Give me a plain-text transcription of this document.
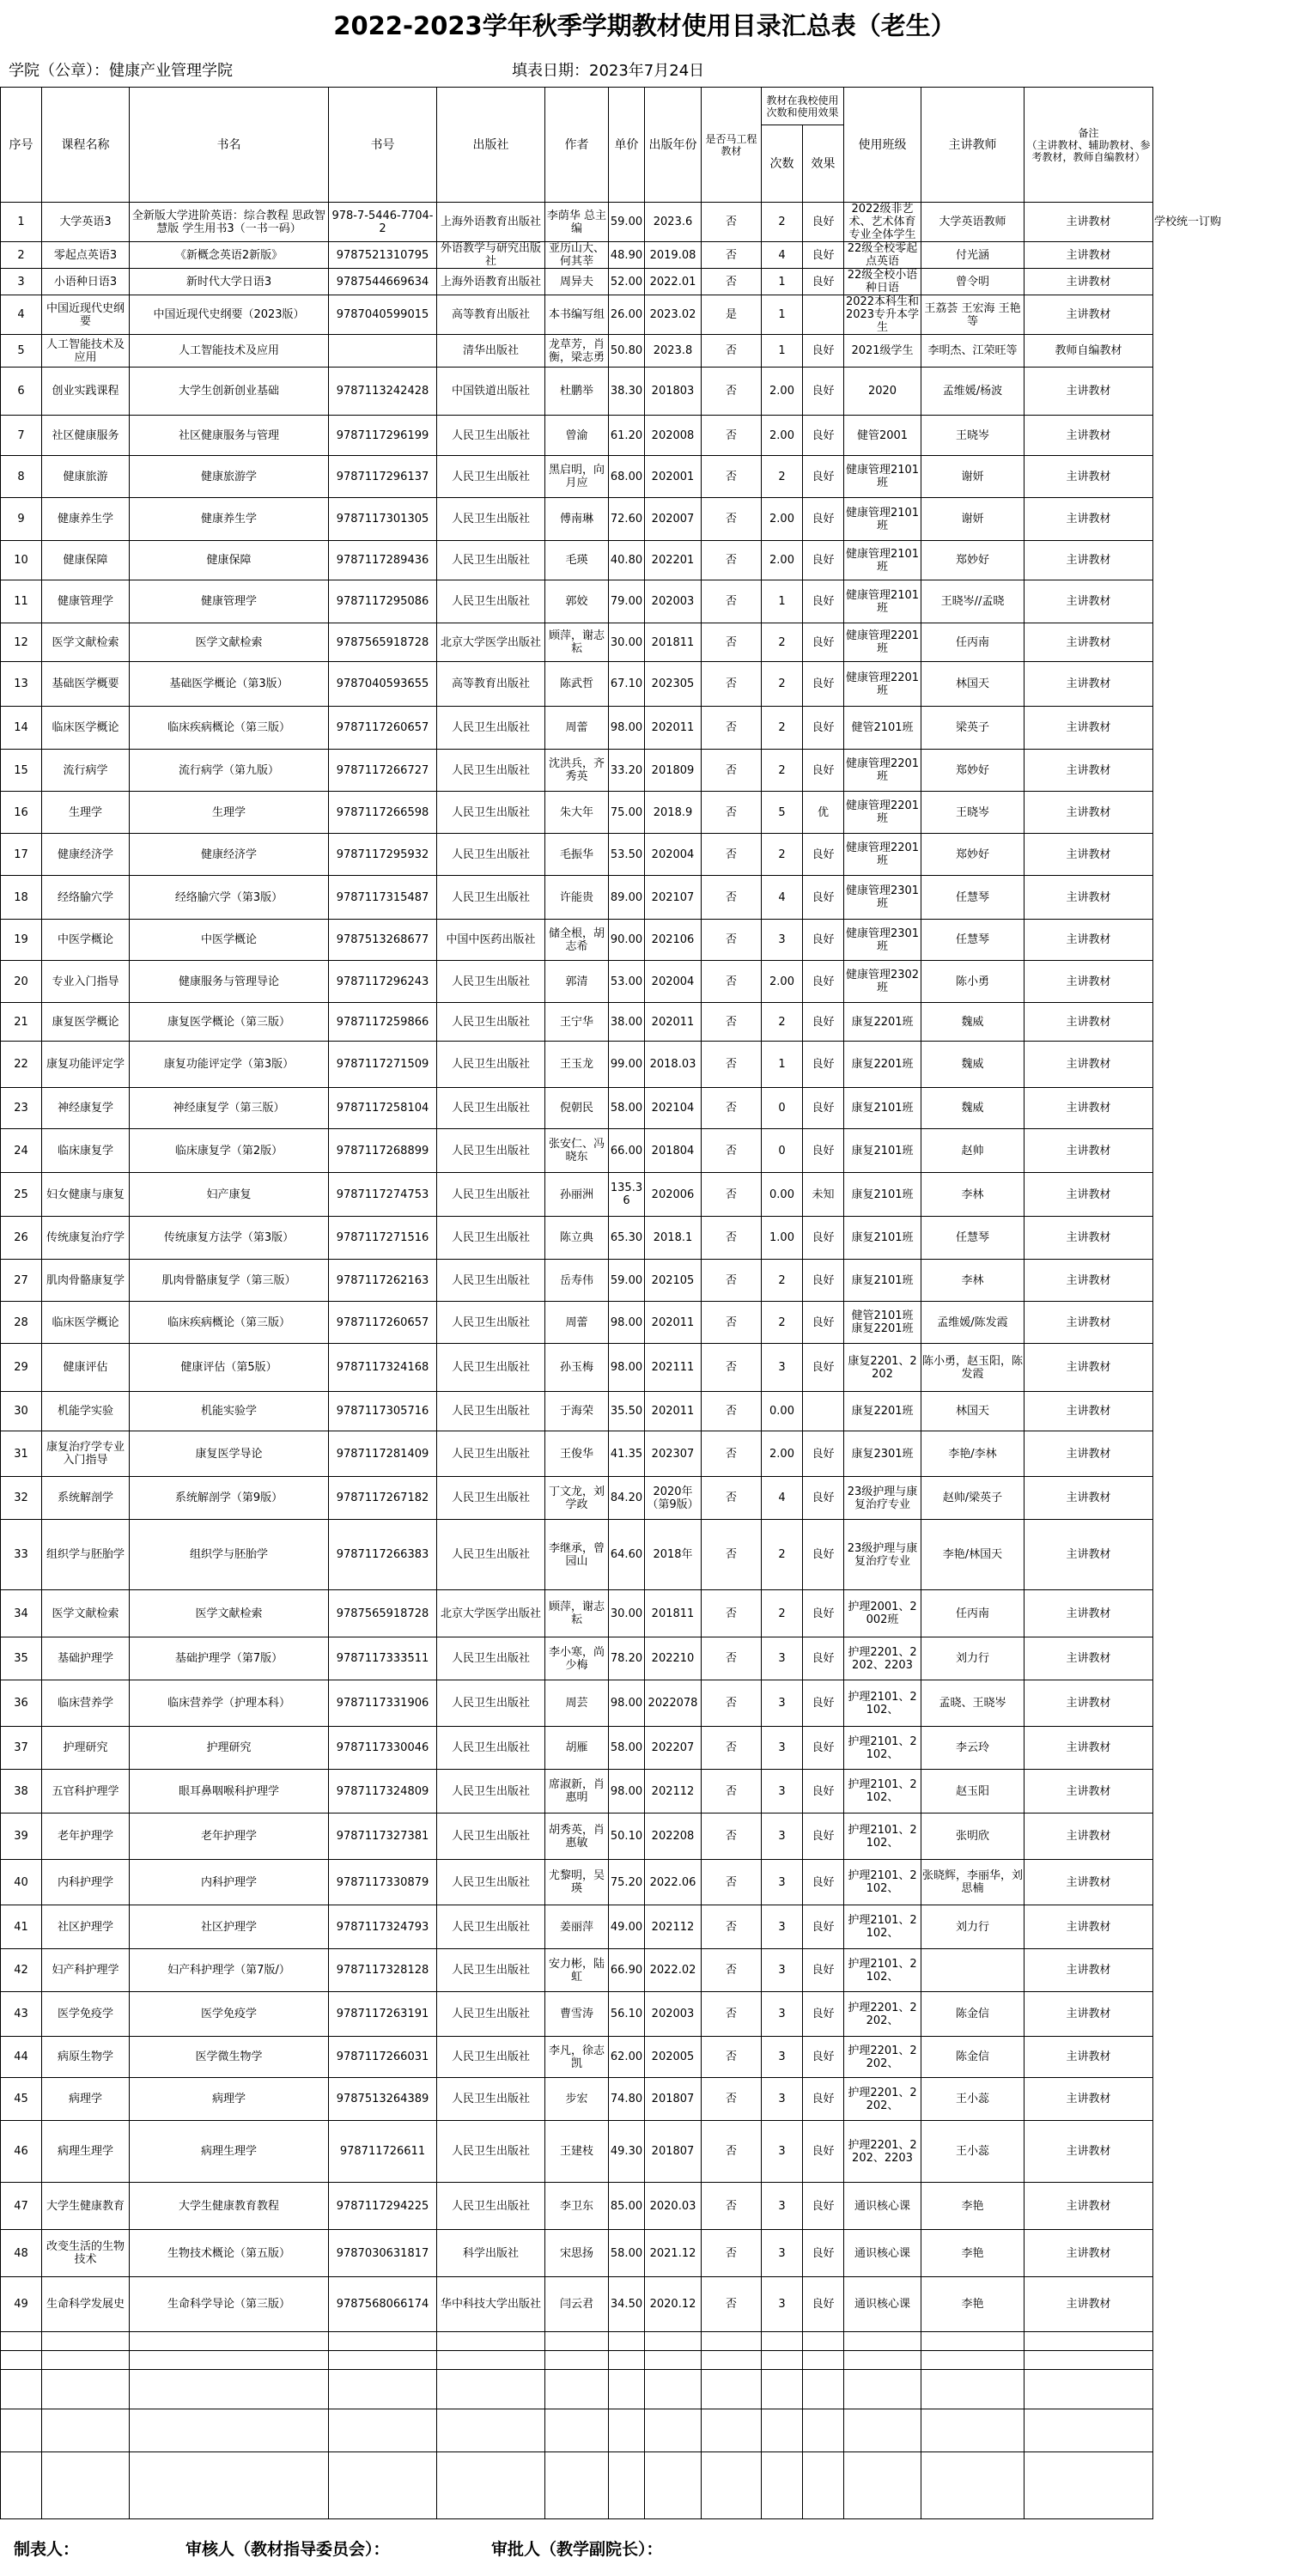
2022-2023学年秋季学期教材使用目录汇总表（老生）
学院（公章）：健康产业管理学院	填表日期：2023年7月24日
序号	课程名称	书名	书号	出版社	作者	单价	出版年份	是否马工程教材	教材在我校使用次数和使用效果		使用班级	主讲教师	备注
（主讲教材、辅助教材、参考教材，教师自编教材）	
									次数	效果				
1	大学英语3	全新版大学进阶英语：综合教程 思政智慧版 学生用书3（一书一码）	978-7-5446-7704-2	上海外语教育出版社	李荫华 总主编	59.00	2023.6	否	2	良好	2022级非艺术、艺术体育专业全体学生	大学英语教师	主讲教材	学校统一订购
2	零起点英语3	《新概念英语2新版》	9787521310795	外语教学与研究出版社	亚历山大、何其莘	48.90	2019.08	否	4	良好	22级全校零起点英语	付光涵	主讲教材	
3	小语种日语3	新时代大学日语3	9787544669634	上海外语教育出版社	周异夫	52.00	2022.01	否	1	良好	22级全校小语种日语	曾令明	主讲教材	
4	中国近现代史纲要	中国近现代史纲要（2023版）	9787040599015	高等教育出版社	本书编写组	26.00	2023.02	是	1		2022本科生和2023专升本学生	王荔荟 王宏海 王艳等	主讲教材	
5	人工智能技术及应用	人工智能技术及应用		清华出版社	龙草芳，肖衡，梁志勇	50.80	2023.8	否	1	良好	2021级学生	李明杰、江荣旺等	教师自编教材	
6	创业实践课程	大学生创新创业基础	9787113242428	中国铁道出版社	杜鹏举	38.30	201803	否	2.00	良好	2020	孟维媛/杨波	主讲教材	
7	社区健康服务	社区健康服务与管理	9787117296199	人民卫生出版社	曾渝	61.20	202008	否	2.00	良好	健管2001	王晓岑	主讲教材	
8	健康旅游	健康旅游学	9787117296137	人民卫生出版社	黑启明，向月应	68.00	202001	否	2	良好	健康管理2101班	谢妍	主讲教材	
9	健康养生学	健康养生学	9787117301305	人民卫生出版社	傅南琳	72.60	202007	否	2.00	良好	健康管理2101班	谢妍	主讲教材	
10	健康保障	健康保障	9787117289436	人民卫生出版社	毛瑛	40.80	202201	否	2.00	良好	健康管理2101班	郑妙好	主讲教材	
11	健康管理学	健康管理学	9787117295086	人民卫生出版社	郭姣	79.00	202003	否	1	良好	健康管理2101班	王晓岑//孟晓	主讲教材	
12	医学文献检索	医学文献检索	9787565918728	北京大学医学出版社	顾萍，谢志耘	30.00	201811	否	2	良好	健康管理2201班	任丙南	主讲教材	
13	基础医学概要	基础医学概论（第3版）	9787040593655	高等教育出版社	陈武哲	67.10	202305	否	2	良好	健康管理2201班	林国天	主讲教材	
14	临床医学概论	临床疾病概论（第三版）	9787117260657	人民卫生出版社	周蕾	98.00	202011	否	2	良好	健管2101班	梁英子	主讲教材	
15	流行病学	流行病学（第九版）	9787117266727	人民卫生出版社	沈洪兵，齐秀英	33.20	201809	否	2	良好	健康管理2201班	郑妙好	主讲教材	
16	生理学	生理学	9787117266598	人民卫生出版社	朱大年	75.00	2018.9	否	5	优	健康管理2201班	王晓岑	主讲教材	
17	健康经济学	健康经济学	9787117295932	人民卫生出版社	毛振华	53.50	202004	否	2	良好	健康管理2201班	郑妙好	主讲教材	
18	经络腧穴学	经络腧穴学（第3版）	9787117315487	人民卫生出版社	许能贵	89.00	202107	否	4	良好	健康管理2301班	任慧琴	主讲教材	
19	中医学概论	中医学概论	9787513268677	中国中医药出版社	储全根，胡志希	90.00	202106	否	3	良好	健康管理2301班	任慧琴	主讲教材	
20	专业入门指导	健康服务与管理导论	9787117296243	人民卫生出版社	郭清	53.00	202004	否	2.00	良好	健康管理2302班	陈小勇	主讲教材	
21	康复医学概论	康复医学概论（第三版）	9787117259866	人民卫生出版社	王宁华	38.00	202011	否	2	良好	康复2201班	魏威	主讲教材	
22	康复功能评定学	康复功能评定学（第3版）	9787117271509	人民卫生出版社	王玉龙	99.00	2018.03	否	1	良好	康复2201班	魏威	主讲教材	
23	神经康复学	神经康复学（第三版）	9787117258104	人民卫生出版社	倪朝民	58.00	202104	否	0	良好	康复2101班	魏威	主讲教材	
24	临床康复学	临床康复学（第2版）	9787117268899	人民卫生出版社	张安仁、冯晓东	66.00	201804	否	0	良好	康复2101班	赵帅	主讲教材	
25	妇女健康与康复	妇产康复	9787117274753	人民卫生出版社	孙丽洲	135.36	202006	否	0.00	未知	康复2101班	李林	主讲教材	
26	传统康复治疗学	传统康复方法学（第3版）	9787117271516	人民卫生出版社	陈立典	65.30	2018.1	否	1.00	良好	康复2101班	任慧琴	主讲教材	
27	肌肉骨骼康复学	肌肉骨骼康复学（第三版）	9787117262163	人民卫生出版社	岳寿伟	59.00	202105	否	2	良好	康复2101班	李林	主讲教材	
28	临床医学概论	临床疾病概论（第三版）	9787117260657	人民卫生出版社	周蕾	98.00	202011	否	2	良好	健管2101班 康复2201班	孟维媛/陈发霞	主讲教材	
29	健康评估	健康评估（第5版）	9787117324168	人民卫生出版社	孙玉梅	98.00	202111	否	3	良好	康复2201、2202	陈小勇，赵玉阳，陈发霞	主讲教材	
30	机能学实验	机能实验学	9787117305716	人民卫生出版社	于海荣	35.50	202011	否	0.00		康复2201班	林国天	主讲教材	
31	康复治疗学专业入门指导	康复医学导论	9787117281409	人民卫生出版社	王俊华	41.35	202307	否	2.00	良好	康复2301班	李艳/李林	主讲教材	
32	系统解剖学	系统解剖学（第9版）	9787117267182	人民卫生出版社	丁文龙，刘学政	84.20	2020年（第9版）	否	4	良好	23级护理与康复治疗专业	赵帅/梁英子	主讲教材	
33	组织学与胚胎学	组织学与胚胎学	9787117266383	人民卫生出版社	李继承，曾园山	64.60	2018年	否	2	良好	23级护理与康复治疗专业	李艳/林国天	主讲教材	
34	医学文献检索	医学文献检索	9787565918728	北京大学医学出版社	顾萍，谢志耘	30.00	201811	否	2	良好	护理2001、2002班	任丙南	主讲教材	
35	基础护理学	基础护理学（第7版）	9787117333511	人民卫生出版社	李小寒，尚少梅	78.20	202210	否	3	良好	护理2201、2202、2203	刘力行	主讲教材	
36	临床营养学	临床营养学（护理本科）	9787117331906	人民卫生出版社	周芸	98.00	2022078	否	3	良好	护理2101、2102、	孟晓、王晓岑	主讲教材	
37	护理研究	护理研究	9787117330046	人民卫生出版社	胡雁	58.00	202207	否	3	良好	护理2101、2102、	李云玲	主讲教材	
38	五官科护理学	眼耳鼻咽喉科护理学	9787117324809	人民卫生出版社	席淑新，肖惠明	98.00	202112	否	3	良好	护理2101、2102、	赵玉阳	主讲教材	
39	老年护理学	老年护理学	9787117327381	人民卫生出版社	胡秀英，肖惠敏	50.10	202208	否	3	良好	护理2101、2102、	张明欣	主讲教材	
40	内科护理学	内科护理学	9787117330879	人民卫生出版社	尤黎明，吴瑛	75.20	2022.06	否	3	良好	护理2101、2102、	张晓辉，李丽华，刘思楠	主讲教材	
41	社区护理学	社区护理学	9787117324793	人民卫生出版社	姜丽萍	49.00	202112	否	3	良好	护理2101、2102、	刘力行	主讲教材	
42	妇产科护理学	妇产科护理学（第7版/）	9787117328128	人民卫生出版社	安力彬，陆虹	66.90	2022.02	否	3	良好	护理2101、2102、		主讲教材	
43	医学免疫学	医学免疫学	9787117263191	人民卫生出版社	曹雪涛	56.10	202003	否	3	良好	护理2201、2202、	陈金信	主讲教材	
44	病原生物学	医学微生物学	9787117266031	人民卫生出版社	李凡，徐志凯	62.00	202005	否	3	良好	护理2201、2202、	陈金信	主讲教材	
45	病理学	病理学	9787513264389	人民卫生出版社	步宏	74.80	201807	否	3	良好	护理2201、2202、	王小蕊	主讲教材	
46	病理生理学	病理生理学	978711726611	人民卫生出版社	王建枝	49.30	201807	否	3	良好	护理2201、2202、2203	王小蕊	主讲教材	
47	大学生健康教育	大学生健康教育教程	9787117294225	人民卫生出版社	李卫东	85.00	2020.03	否	3	良好	通识核心课	李艳	主讲教材	
48	改变生活的生物技术	生物技术概论（第五版）	9787030631817	科学出版社	宋思扬	58.00	2021.12	否	3	良好	通识核心课	李艳	主讲教材	
49	生命科学发展史	生命科学导论（第三版）	9787568066174	华中科技大学出版社	闫云君	34.50	2020.12	否	3	良好	通识核心课	李艳	主讲教材	

制表人：	审核人（教材指导委员会）：	审批人（教学副院长）：
